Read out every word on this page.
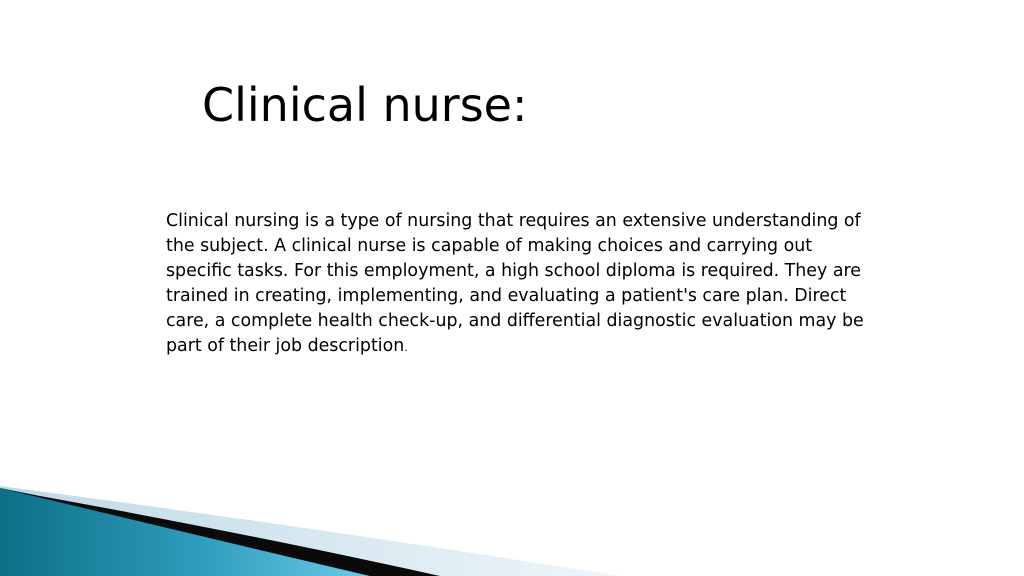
Clinical nurse:

Clinical nursing is a type of nursing that requires an extensive understanding of the subject. A clinical nurse is capable of making choices and carrying out specific tasks. For this employment, a high school diploma is required. They are trained in creating, implementing, and evaluating a patient's care plan. Direct care, a complete health check-up, and differential diagnostic evaluation may be part of their job description.
